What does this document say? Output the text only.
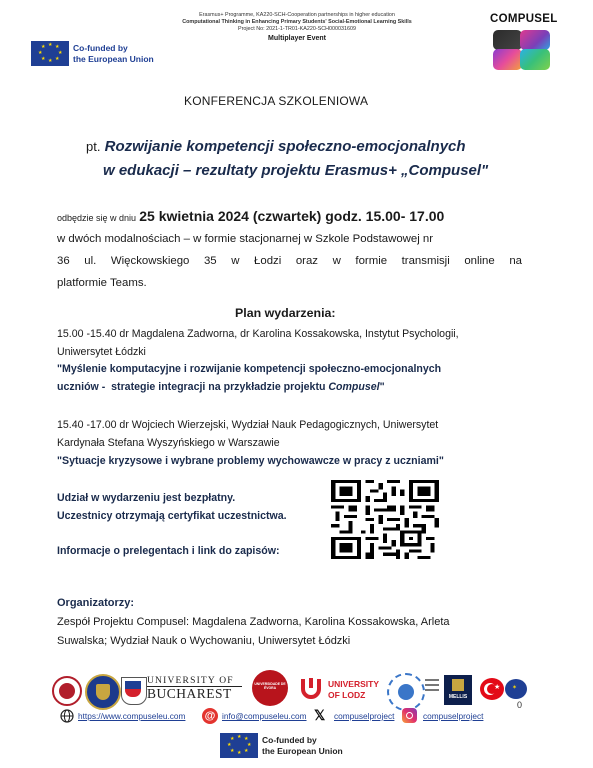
★ ★
★
★
★
★
★
★	Co-funded by
the European Union
Erasmus+ Programme, KA220-SCH-Cooperation partnerships in higher education
Computational Thinking in Enhancing Primary Students' Social-Emotional Learning Skills
Project No: 2021-1-TR01-KA220-SCH000031609
Multiplayer Event
COMPUSEL
KONFERENCJA SZKOLENIOWA
pt. Rozwijanie kompetencji społeczno-emocjonalnych
w edukacji – rezultaty projektu Erasmus+ „Compusel"
odbędzie się w dniu 25 kwietnia 2024 (czwartek) godz. 15.00- 17.00
w dwóch modalnościach – w formie stacjonarnej w Szkole Podstawowej nr
36 ul. Więckowskiego 35 w Łodzi oraz w formie transmisji online na
platformie Teams.
Plan wydarzenia:
15.00 -15.40 dr Magdalena Zadworna, dr Karolina Kossakowska, Instytut Psychologii,
Uniwersytet Łódzki
"Myślenie komputacyjne i rozwijanie kompetencji społeczno-emocjonalnych
uczniów -  strategie integracji na przykładzie projektu Compusel"
15.40 -17.00 dr Wojciech Wierzejski, Wydział Nauk Pedagogicznych, Uniwersytet
Kardynała Stefana Wyszyńskiego w Warszawie
"Sytuacje kryzysowe i wybrane problemy wychowawcze w pracy z uczniami"
Udział w wydarzeniu jest bezpłatny.
Uczestnicy otrzymają certyfikat uczestnictwa.
Informacje o prelegentach i link do zapisów:
Organizatorzy:
Zespół Projektu Compusel: Magdalena Zadworna, Karolina Kossakowska, Arleta
Suwalska; Wydział Nauk o Wychowaniu, Uniwersytet Łódzki
UNIVERSITY OF
BUCHAREST
UNIVERSIDADE DE ÉVORA	UNIVERSITY
OF LODZ	MELLIS
★ ✶
0
https://www.compuseleu.com @ info@compuseleu.com 𝕏	compuselproject	compuselproject
★ ★
★
★
★
★
★
★	Co-funded by
the European Union
